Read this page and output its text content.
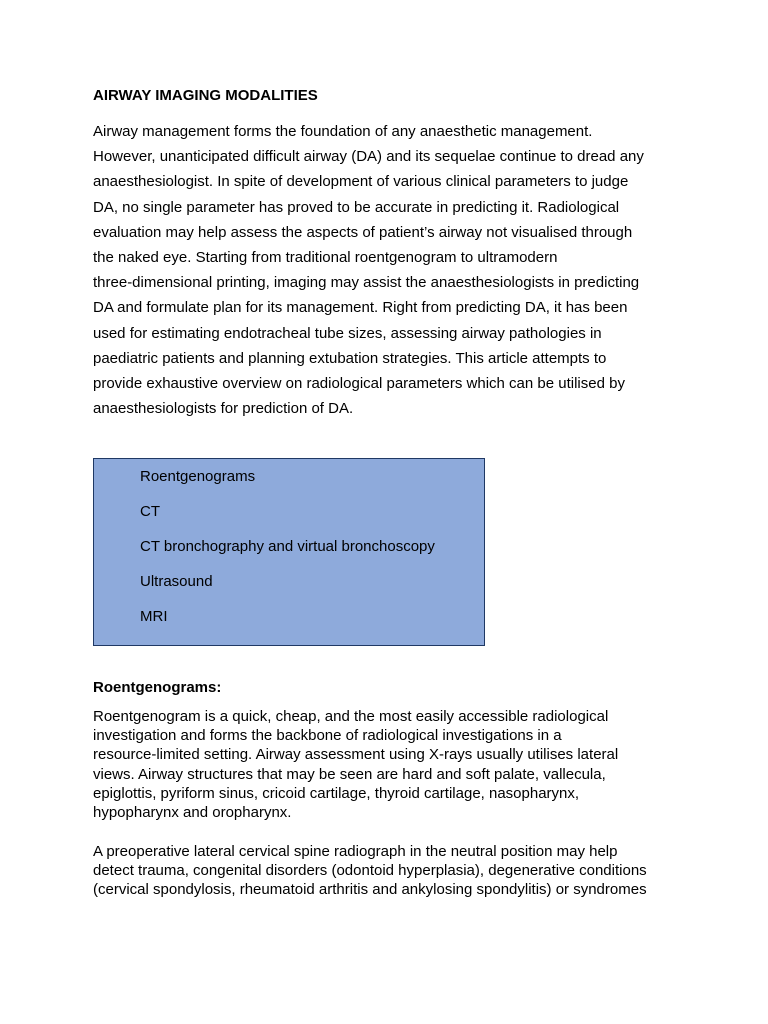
AIRWAY IMAGING MODALITIES

Airway management forms the foundation of any anaesthetic management.
However, unanticipated difficult airway (DA) and its sequelae continue to dread any
anaesthesiologist. In spite of development of various clinical parameters to judge
DA, no single parameter has proved to be accurate in predicting it. Radiological
evaluation may help assess the aspects of patient’s airway not visualised through
the naked eye. Starting from traditional roentgenogram to ultramodern
three-dimensional printing, imaging may assist the anaesthesiologists in predicting
DA and formulate plan for its management. Right from predicting DA, it has been
used for estimating endotracheal tube sizes, assessing airway pathologies in
paediatric patients and planning extubation strategies. This article attempts to
provide exhaustive overview on radiological parameters which can be utilised by
anaesthesiologists for prediction of DA.

Roentgenograms
CT
CT bronchography and virtual bronchoscopy
Ultrasound
MRI
Roentgenograms:

Roentgenogram is a quick, cheap, and the most easily accessible radiological
investigation and forms the backbone of radiological investigations in a
resource-limited setting. Airway assessment using X-rays usually utilises lateral
views. Airway structures that may be seen are hard and soft palate, vallecula,
epiglottis, pyriform sinus, cricoid cartilage, thyroid cartilage, nasopharynx,
hypopharynx and oropharynx.

A preoperative lateral cervical spine radiograph in the neutral position may help
detect trauma, congenital disorders (odontoid hyperplasia), degenerative conditions
(cervical spondylosis, rheumatoid arthritis and ankylosing spondylitis) or syndromes
